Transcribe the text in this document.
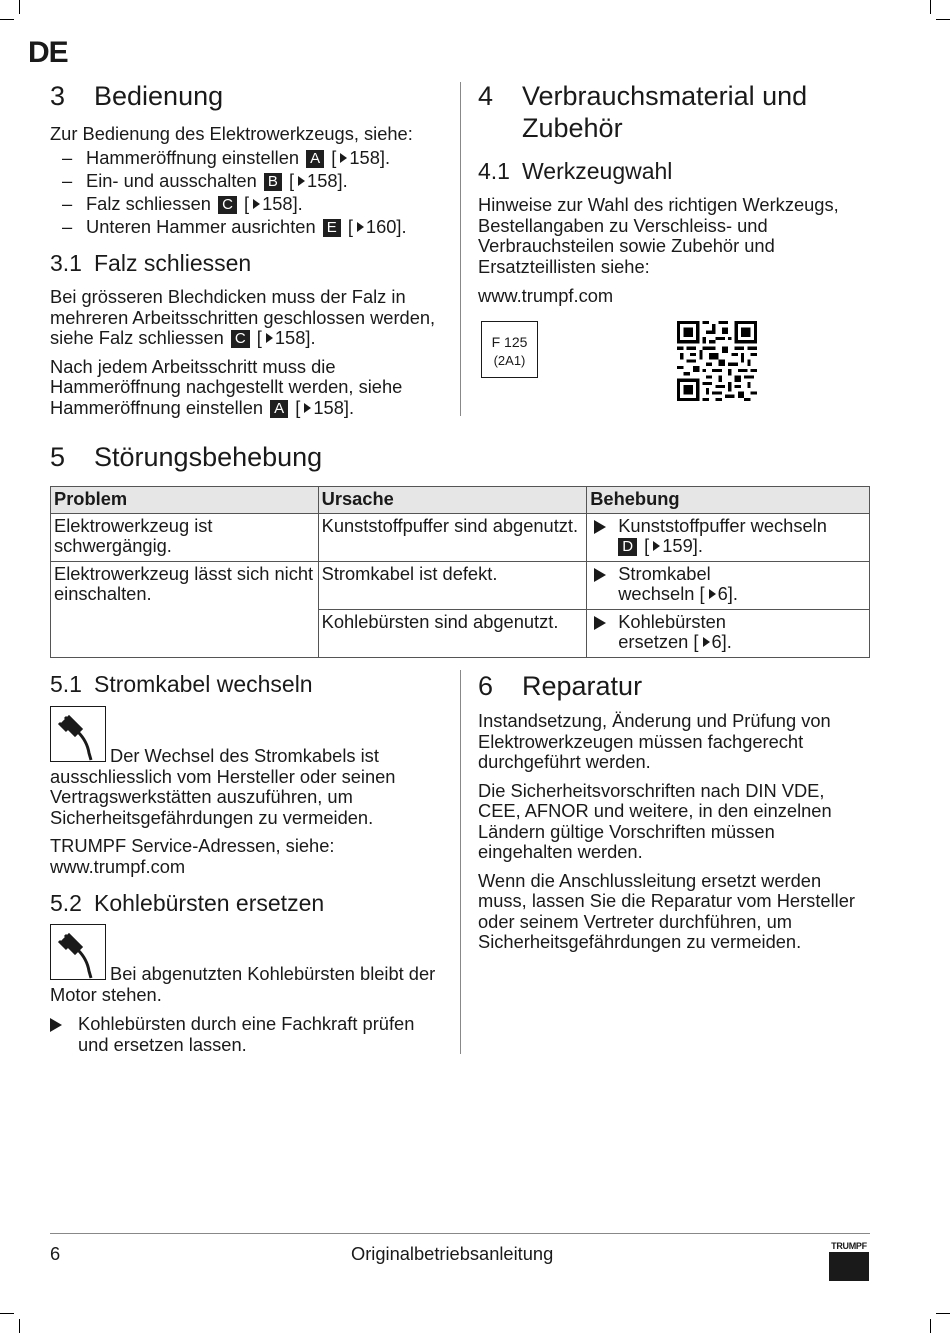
DE
3 Bedienung

Zur Bedienung des Elektrowerkzeugs, siehe:

– Hammeröffnung einstellen A [ 158].
– Ein- und ausschalten B [ 158].
– Falz schliessen C [ 158].
– Unteren Hammer ausrichten E [ 160].
3.1 Falz schliessen

Bei grösseren Blechdicken muss der Falz in mehreren Arbeitsschritten geschlossen werden, siehe Falz schliessen C [ 158].

Nach jedem Arbeitsschritt muss die Hammeröffnung nachgestellt werden, siehe Hammeröffnung einstellen A [ 158].

4 Verbrauchsmaterial und
Zubehör
4.1 Werkzeugwahl

Hinweise zur Wahl des richtigen Werkzeugs, Bestellangaben zu Verschleiss- und Verbrauchsteilen sowie Zubehör und Ersatzteillisten siehe:

www.trumpf.com

F 125
(2A1)
5 Störungsbehebung
Problem	Ursache	Behebung
Elektrowerkzeug ist schwergängig.	Kunststoffpuffer sind abgenutzt.	Kunststoffpuffer wechseln
D [ 159].

Elektrowerkzeug lässt sich nicht einschalten.	Stromkabel ist defekt.	Stromkabel wechseln [ 6].

	Kohlebürsten sind abgenutzt.	Kohlebürsten ersetzen [ 6].
5.1 Stromkabel wechseln

Der Wechsel des Stromkabels ist ausschliesslich vom Hersteller oder seinen Vertragswerkstätten auszuführen, um Sicherheitsgefährdungen zu vermeiden.

TRUMPF Service-Adressen, siehe:

www.trumpf.com

5.2 Kohlebürsten ersetzen

Bei abgenutzten Kohlebürsten bleibt der Motor stehen.

Kohlebürsten durch eine Fachkraft prüfen und ersetzen lassen.
6 Reparatur

Instandsetzung, Änderung und Prüfung von Elektrowerkzeugen müssen fachgerecht durchgeführt werden.

Die Sicherheitsvorschriften nach DIN VDE, CEE, AFNOR und weitere, in den einzelnen Ländern gültige Vorschriften müssen eingehalten werden.

Wenn die Anschlussleitung ersetzt werden muss, lassen Sie die Reparatur vom Hersteller oder seinem Vertreter durchführen, um Sicherheitsgefährdungen zu vermeiden.

6	Originalbetriebsanleitung	TRUMPF
